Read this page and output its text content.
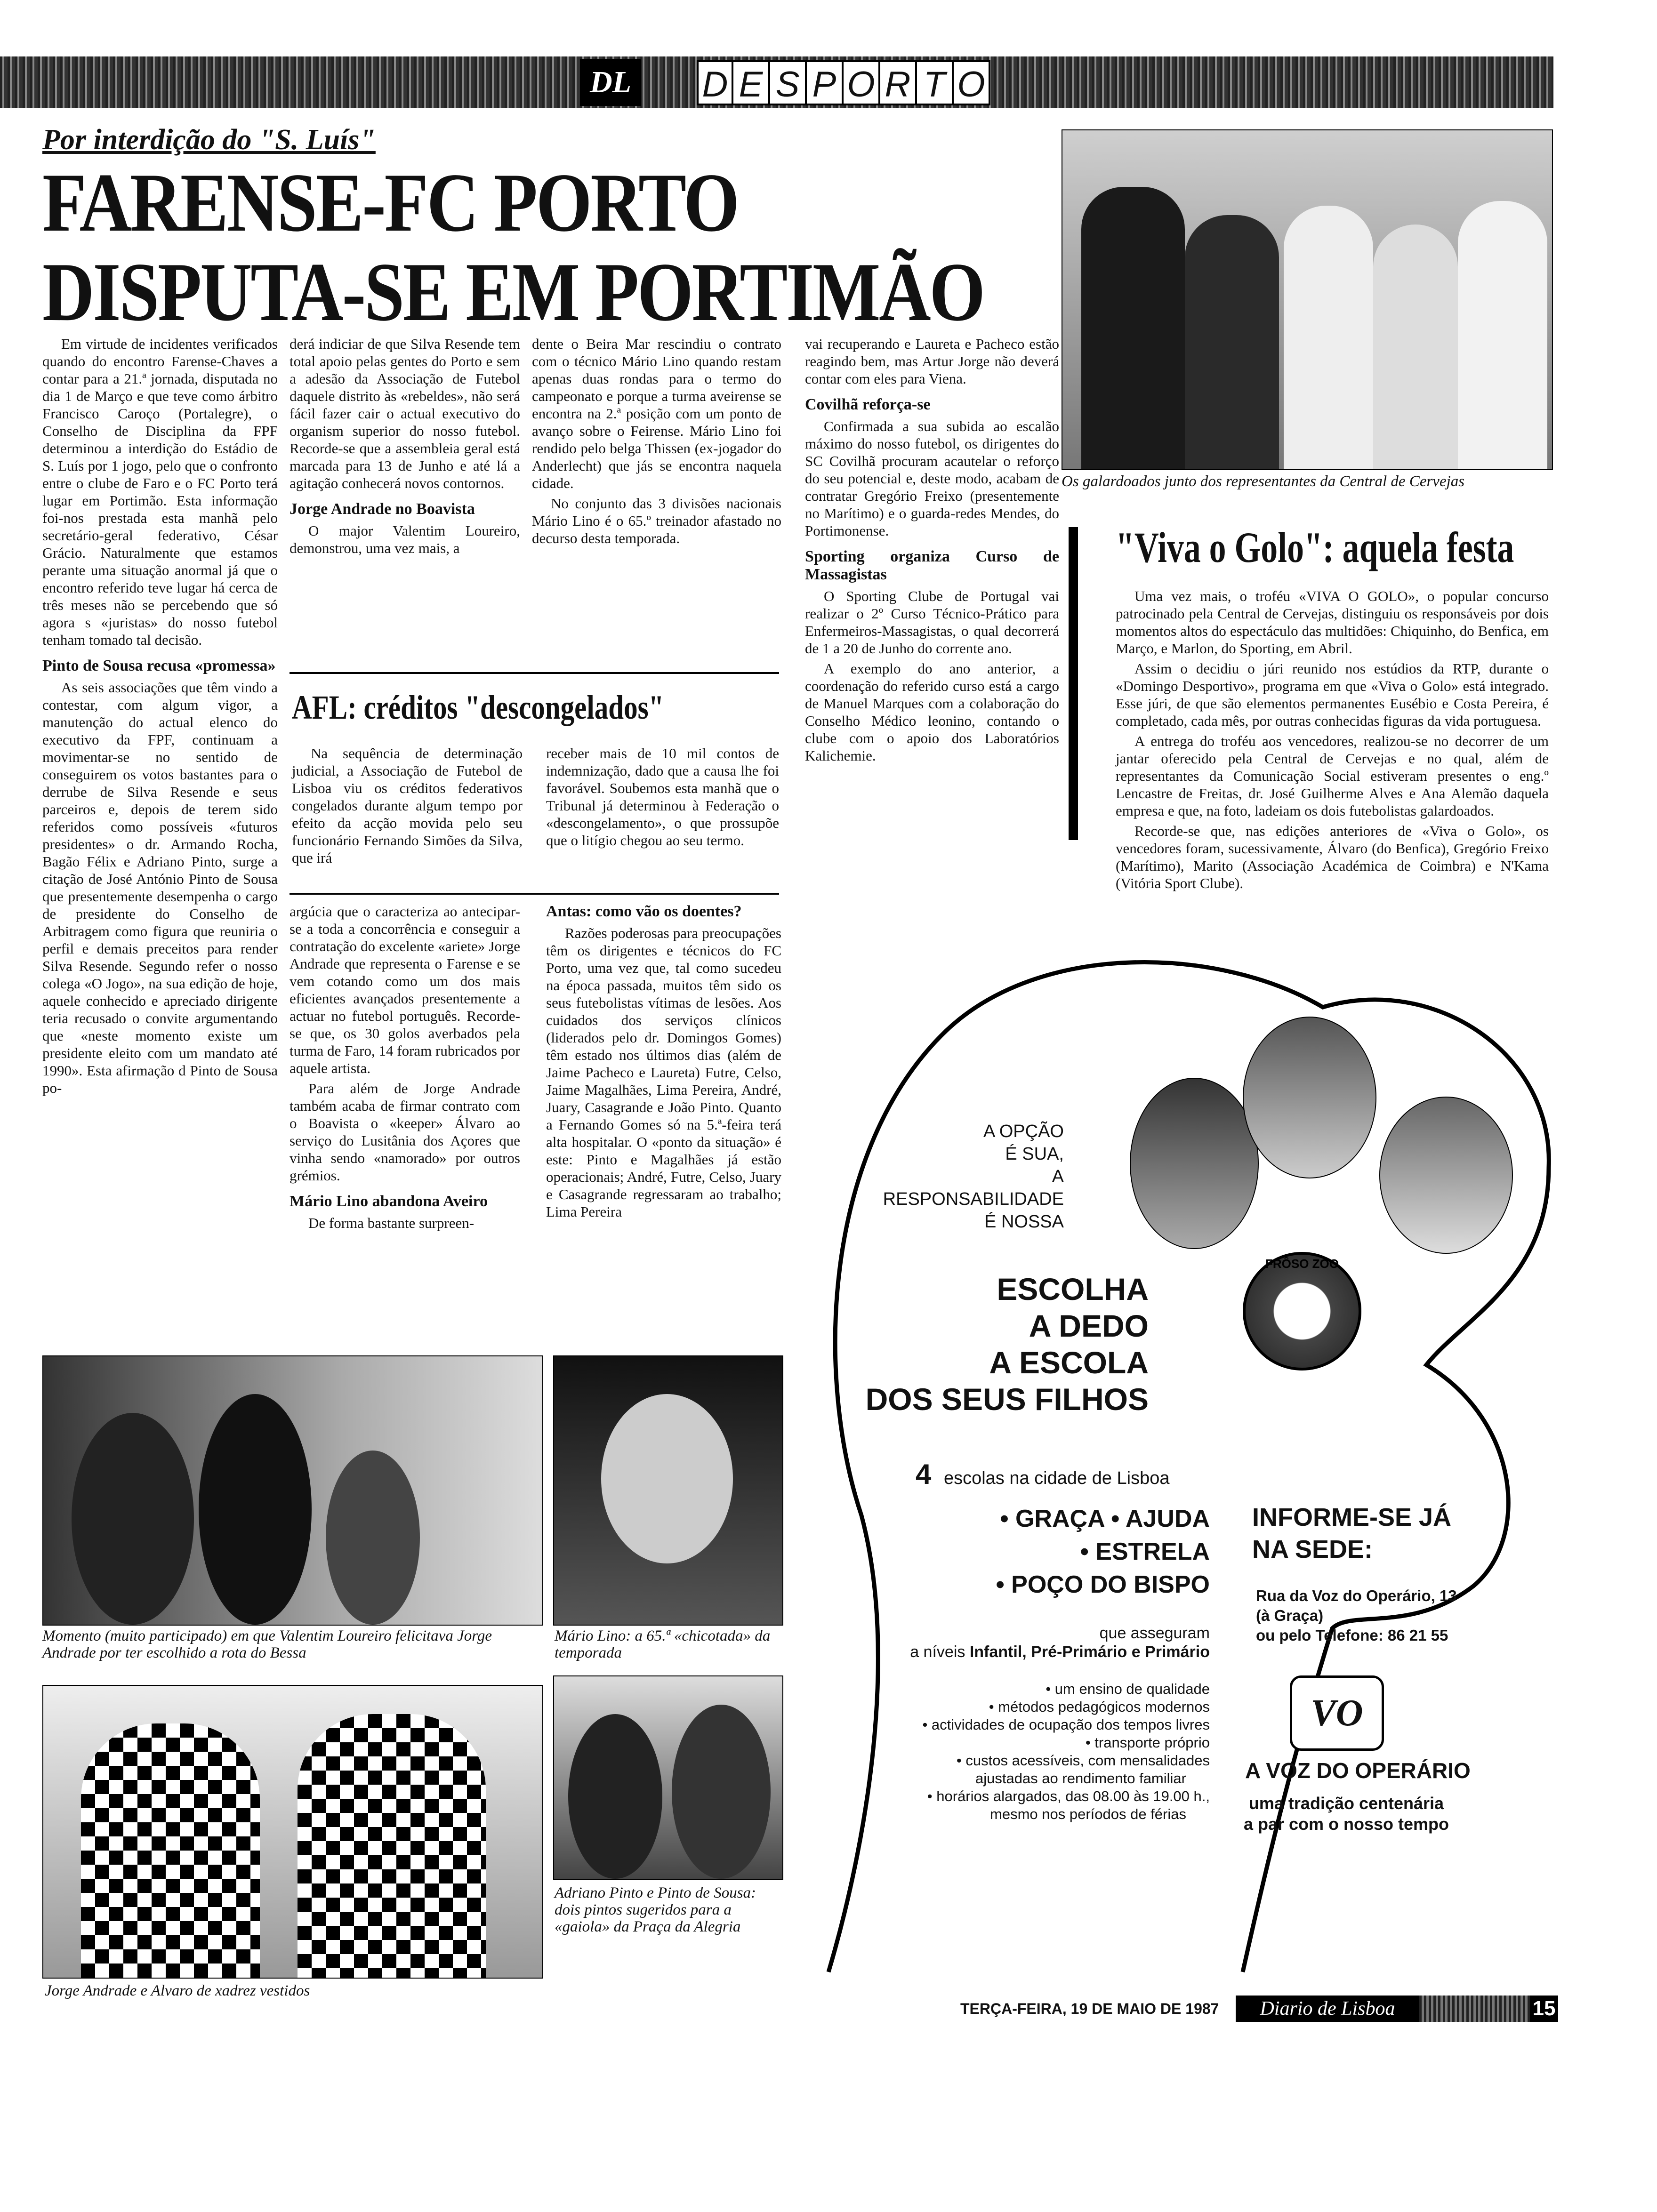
DL D E S P O R T O
Por interdição do "S. Luís"
FARENSE-FC PORTO
DISPUTA-SE EM PORTIMÃO

Em virtude de incidentes verificados quando do encontro Farense-Chaves a contar para a 21.ª jornada, disputada no dia 1 de Março e que teve como árbitro Francisco Caroço (Portalegre), o Conselho de Disciplina da FPF determinou a interdição do Estádio de S. Luís por 1 jogo, pelo que o confronto entre o clube de Faro e o FC Porto terá lugar em Portimão. Esta informação foi-nos prestada esta manhã pelo secretário-geral federativo, César Grácio. Naturalmente que estamos perante uma situação anormal já que o encontro referido teve lugar há cerca de três meses não se percebendo que só agora s «juristas» do nosso futebol tenham tomado tal decisão.

Pinto de Sousa recusa «promessa»

As seis associações que têm vindo a contestar, com algum vigor, a manutenção do actual elenco do executivo da FPF, continuam a movimentar-se no sentido de conseguirem os votos bastantes para o derrube de Silva Resende e seus parceiros e, depois de terem sido referidos como possíveis «futuros presidentes» o dr. Armando Rocha, Bagão Félix e Adriano Pinto, surge a citação de José António Pinto de Sousa que presentemente desempenha o cargo de presidente do Conselho de Arbitragem como figura que reuniria o perfil e demais preceitos para render Silva Resende. Segundo refer o nosso colega «O Jogo», na sua edição de hoje, aquele conhecido e apreciado dirigente teria recusado o convite argumentando que «neste momento existe um presidente eleito com um mandato até 1990». Esta afirmação d Pinto de Sousa po-

derá indiciar de que Silva Resende tem total apoio pelas gentes do Porto e sem a adesão da Associação de Futebol daquele distrito às «rebeldes», não será fácil fazer cair o actual executivo do organism superior do nosso futebol. Recorde-se que a assembleia geral está marcada para 13 de Junho e até lá a agitação conhecerá novos contornos.

Jorge Andrade no Boavista

O major Valentim Loureiro, demonstrou, uma vez mais, a

dente o Beira Mar rescindiu o contrato com o técnico Mário Lino quando restam apenas duas rondas para o termo do campeonato e porque a turma aveirense se encontra na 2.ª posição com um ponto de avanço sobre o Feirense. Mário Lino foi rendido pelo belga Thissen (ex-jogador do Anderlecht) que jás se encontra naquela cidade.

No conjunto das 3 divisões nacionais Mário Lino é o 65.º treinador afastado no decurso desta temporada.

vai recuperando e Laureta e Pacheco estão reagindo bem, mas Artur Jorge não deverá contar com eles para Viena.

Covilhã reforça-se

Confirmada a sua subida ao escalão máximo do nosso futebol, os dirigentes do SC Covilhã procuram acautelar o reforço do seu potencial e, deste modo, acabam de contratar Gregório Freixo (presentemente no Marítimo) e o guarda-redes Mendes, do Portimonense.

Sporting organiza Curso de Massagistas

O Sporting Clube de Portugal vai realizar o 2º Curso Técnico-Prático para Enfermeiros-Massagistas, o qual decorrerá de 1 a 20 de Junho do corrente ano.

A exemplo do ano anterior, a coordenação do referido curso está a cargo de Manuel Marques com a colaboração do Conselho Médico leonino, contando o clube com o apoio dos Laboratórios Kalichemie.

AFL: créditos "descongelados"

Na sequência de determinação judicial, a Associação de Futebol de Lisboa viu os créditos federativos congelados durante algum tempo por efeito da acção movida pelo seu funcionário Fernando Simões da Silva, que irá

receber mais de 10 mil contos de indemnização, dado que a causa lhe foi favorável. Soubemos esta manhã que o Tribunal já determinou à Federação o «descongelamento», o que prossupõe que o litígio chegou ao seu termo.

argúcia que o caracteriza ao antecipar-se a toda a concorrência e conseguir a contratação do excelente «ariete» Jorge Andrade que representa o Farense e se vem cotando como um dos mais eficientes avançados presentemente a actuar no futebol português. Recorde-se que, os 30 golos averbados pela turma de Faro, 14 foram rubricados por aquele artista.

Para além de Jorge Andrade também acaba de firmar contrato com o Boavista o «keeper» Álvaro ao serviço do Lusitânia dos Açores que vinha sendo «namorado» por outros grémios.

Mário Lino abandona Aveiro

De forma bastante surpreen-

Antas: como vão os doentes?

Razões poderosas para preocupações têm os dirigentes e técnicos do FC Porto, uma vez que, tal como sucedeu na época passada, muitos têm sido os seus futebolistas vítimas de lesões. Aos cuidados dos serviços clínicos (liderados pelo dr. Domingos Gomes) têm estado nos últimos dias (além de Jaime Pacheco e Laureta) Futre, Celso, Jaime Magalhães, Lima Pereira, André, Juary, Casagrande e João Pinto. Quanto a Fernando Gomes só na 5.ª-feira terá alta hospitalar. O «ponto da situação» é este: Pinto e Magalhães já estão operacionais; André, Futre, Celso, Juary e Casagrande regressaram ao trabalho; Lima Pereira

Os galardoados junto dos representantes da Central de Cervejas
Momento (muito participado) em que Valentim Loureiro felicitava Jorge Andrade por ter escolhido a rota do Bessa
Mário Lino: a 65.ª «chicotada» da temporada
Jorge Andrade e Alvaro de xadrez vestidos
Adriano Pinto e Pinto de Sousa: dois pintos sugeridos para a «gaiola» da Praça da Alegria
"Viva o Golo": aquela festa

Uma vez mais, o troféu «VIVA O GOLO», o popular concurso patrocinado pela Central de Cervejas, distinguiu os responsáveis por dois momentos altos do espectáculo das multidões: Chiquinho, do Benfica, em Março, e Marlon, do Sporting, em Abril.

Assim o decidiu o júri reunido nos estúdios da RTP, durante o «Domingo Desportivo», programa em que «Viva o Golo» está integrado. Esse júri, de que são elementos permanentes Eusébio e Costa Pereira, é completado, cada mês, por outras conhecidas figuras da vida portuguesa.

A entrega do troféu aos vencedores, realizou-se no decorrer de um jantar oferecido pela Central de Cervejas e no qual, além de representantes da Comunicação Social estiveram presentes o eng.º Lencastre de Freitas, dr. José Guilherme Alves e Ana Alemão daquela empresa e que, na foto, ladeiam os dois futebolistas galardoados.

Recorde-se que, nas edições anteriores de «Viva o Golo», os vencedores foram, sucessivamente, Álvaro (do Benfica), Gregório Freixo (Marítimo), Marito (Associação Académica de Coimbra) e N'Kama (Vitória Sport Clube).

FRÔSO ZOO
A OPÇÃO
É SUA,
A
RESPONSABILIDADE
É NOSSA
ESCOLHA
A DEDO
A ESCOLA
DOS SEUS FILHOS
4 escolas na cidade de Lisboa
• GRAÇA • AJUDA
• ESTRELA
• POÇO DO BISPO
que asseguram
a níveis Infantil, Pré-Primário e Primário
• um ensino de qualidade
• métodos pedagógicos modernos
• actividades de ocupação dos tempos livres
• transporte próprio
• custos acessíveis, com mensalidades
ajustadas ao rendimento familiar
• horários alargados, das 08.00 às 19.00 h.,
mesmo nos períodos de férias
INFORME-SE JÁ
NA SEDE:
Rua da Voz do Operário, 13
(à Graça)
ou pelo Telefone: 86 21 55
VO
A VOZ DO OPERÁRIO
uma tradição centenária
a par com o nosso tempo
TERÇA-FEIRA, 19 DE MAIO DE 1987	Diario de Lisboa	15
